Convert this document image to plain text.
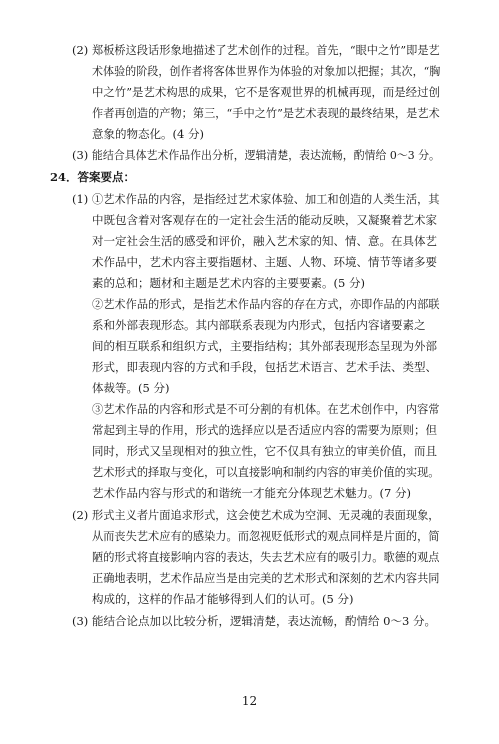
(2) 郑板桥这段话形象地描述了艺术创作的过程。首先，“眼中之竹”即是艺
术体验的阶段，创作者将客体世界作为体验的对象加以把握；其次，“胸
中之竹”是艺术构思的成果，它不是客观世界的机械再现，而是经过创
作者再创造的产物；第三，“手中之竹”是艺术表现的最终结果，是艺术
意象的物态化。(4 分)
(3) 能结合具体艺术作品作出分析，逻辑清楚，表达流畅，酌情给 0～3 分。
24．答案要点：
(1) ①艺术作品的内容，是指经过艺术家体验、加工和创造的人类生活，其
中既包含着对客观存在的一定社会生活的能动反映，又凝聚着艺术家
对一定社会生活的感受和评价，融入艺术家的知、情、意。在具体艺
术作品中，艺术内容主要指题材、主题、人物、环境、情节等诸多要
素的总和；题材和主题是艺术内容的主要要素。(5 分)
②艺术作品的形式，是指艺术作品内容的存在方式，亦即作品的内部联
系和外部表现形态。其内部联系表现为内形式，包括内容诸要素之
间的相互联系和组织方式，主要指结构；其外部表现形态呈现为外部
形式，即表现内容的方式和手段，包括艺术语言、艺术手法、类型、
体裁等。(5 分)
③艺术作品的内容和形式是不可分割的有机体。在艺术创作中，内容常
常起到主导的作用，形式的选择应以是否适应内容的需要为原则；但
同时，形式又呈现相对的独立性，它不仅具有独立的审美价值，而且
艺术形式的择取与变化，可以直接影响和制约内容的审美价值的实现。
艺术作品内容与形式的和谐统一才能充分体现艺术魅力。(7 分)
(2) 形式主义者片面追求形式，这会使艺术成为空洞、无灵魂的表面现象，
从而丧失艺术应有的感染力。而忽视贬低形式的观点同样是片面的，简
陋的形式将直接影响内容的表达，失去艺术应有的吸引力。歌德的观点
正确地表明，艺术作品应当是由完美的艺术形式和深刻的艺术内容共同
构成的，这样的作品才能够得到人们的认可。(5 分)
(3) 能结合论点加以比较分析，逻辑清楚，表达流畅，酌情给 0～3 分。
12
